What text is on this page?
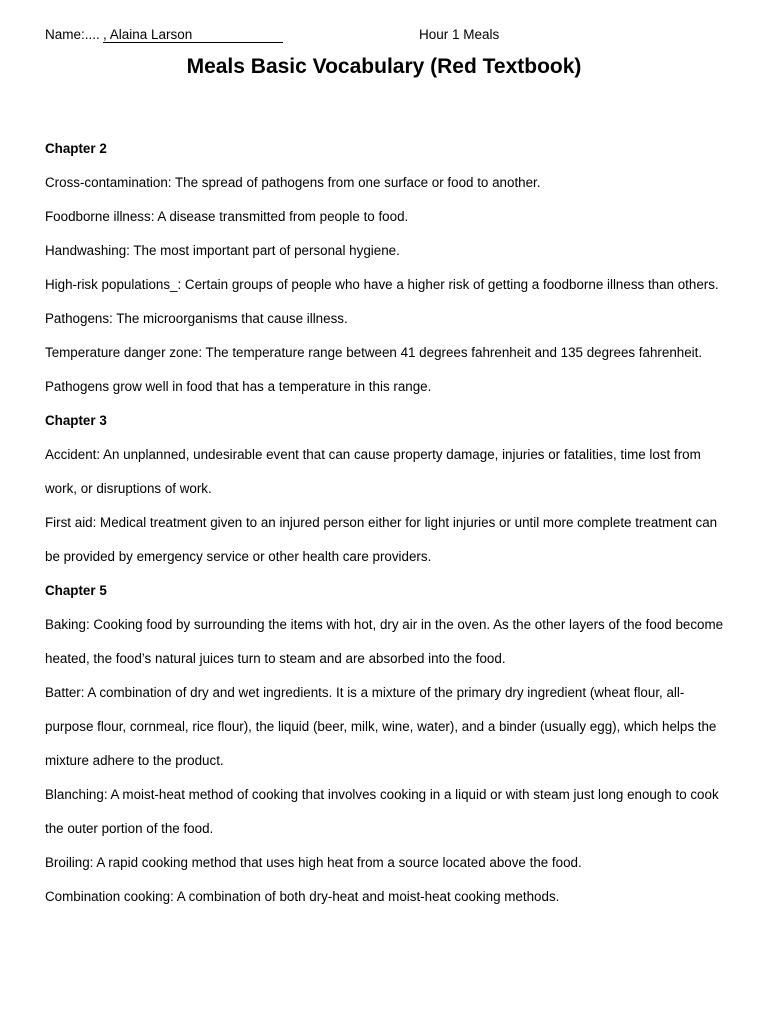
Name:.... , Alaina Larson	Hour 1 Meals
Meals Basic Vocabulary (Red Textbook)

Chapter 2

Cross-contamination: The spread of pathogens from one surface or food to another.

Foodborne illness: A disease transmitted from people to food.

Handwashing: The most important part of personal hygiene.

High-risk populations_: Certain groups of people who have a higher risk of getting a foodborne illness than others.

Pathogens: The microorganisms that cause illness.

Temperature danger zone: The temperature range between 41 degrees fahrenheit and 135 degrees fahrenheit. Pathogens grow well in food that has a temperature in this range.

Chapter 3

Accident: An unplanned, undesirable event that can cause property damage, injuries or fatalities, time lost from work, or disruptions of work.

First aid: Medical treatment given to an injured person either for light injuries or until more complete treatment can be provided by emergency service or other health care providers.

Chapter 5

Baking: Cooking food by surrounding the items with hot, dry air in the oven. As the other layers of the food become heated, the food’s natural juices turn to steam and are absorbed into the food.

Batter: A combination of dry and wet ingredients. It is a mixture of the primary dry ingredient (wheat flour, all-purpose flour, cornmeal, rice flour), the liquid (beer, milk, wine, water), and a binder (usually egg), which helps the mixture adhere to the product.

Blanching: A moist-heat method of cooking that involves cooking in a liquid or with steam just long enough to cook the outer portion of the food.

Broiling: A rapid cooking method that uses high heat from a source located above the food.

Combination cooking: A combination of both dry-heat and moist-heat cooking methods.
